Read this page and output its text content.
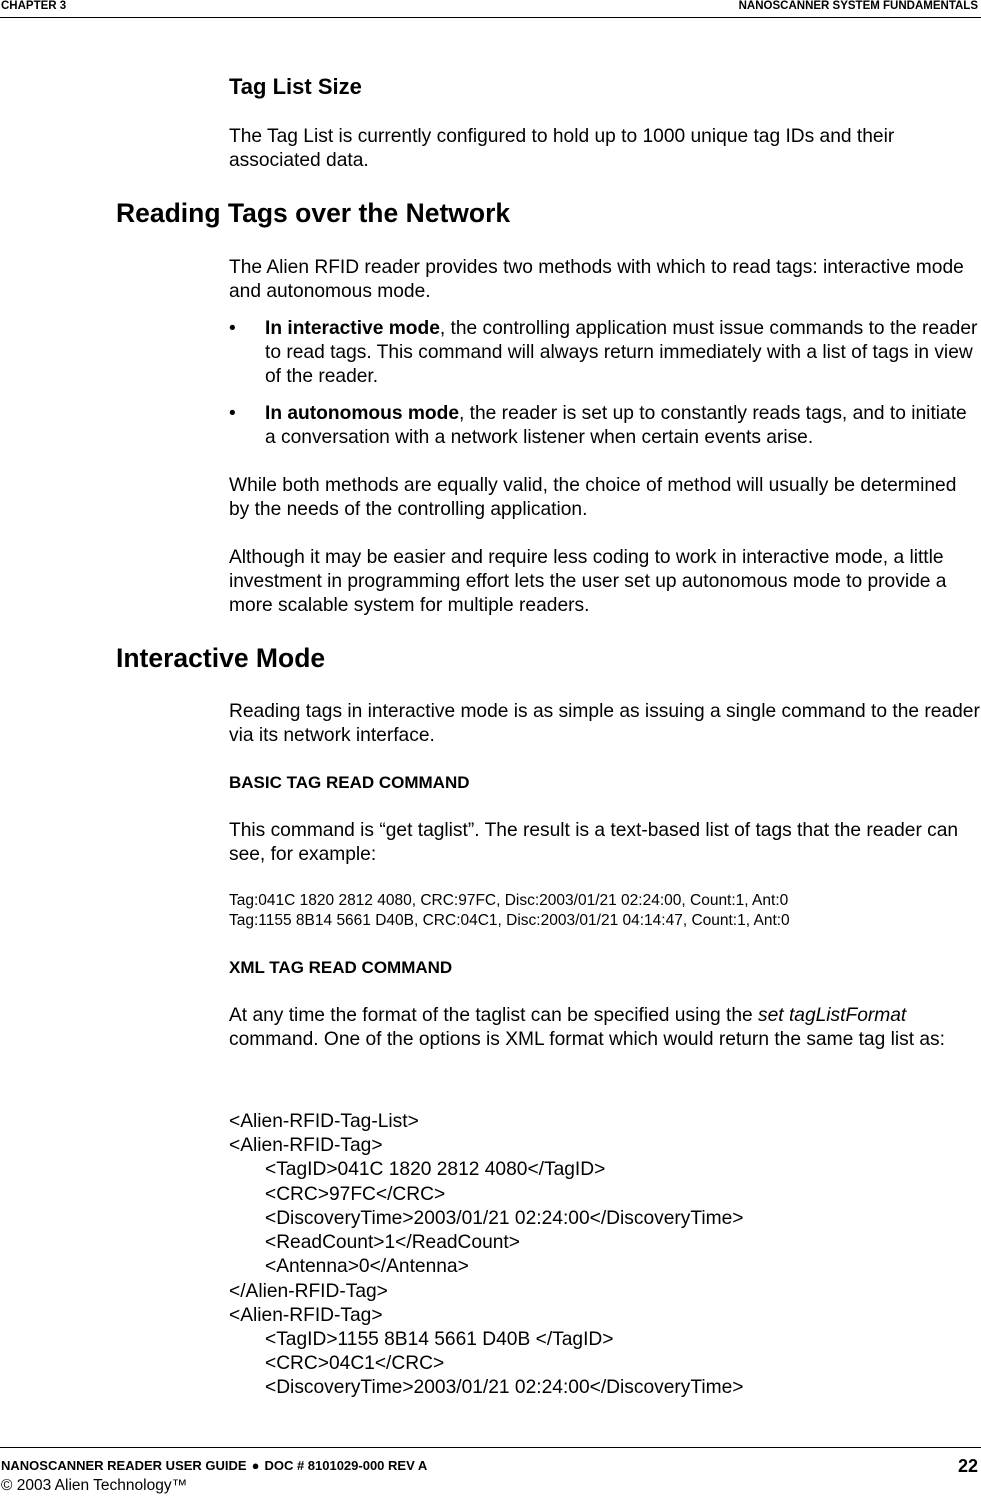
CHAPTER 3	NANOSCANNER SYSTEM FUNDAMENTALS
Tag List Size
The Tag List is currently configured to hold up to 1000 unique tag IDs and their associated data.
Reading Tags over the Network
The Alien RFID reader provides two methods with which to read tags: interactive mode and autonomous mode.
•	In interactive mode, the controlling application must issue commands to the reader to read tags. This command will always return immediately with a list of tags in view of the reader.
•	In autonomous mode, the reader is set up to constantly reads tags, and to initiate a conversation with a network listener when certain events arise.
While both methods are equally valid, the choice of method will usually be determined by the needs of the controlling application.
Although it may be easier and require less coding to work in interactive mode, a little investment in programming effort lets the user set up autonomous mode to provide a more scalable system for multiple readers.
Interactive Mode
Reading tags in interactive mode is as simple as issuing a single command to the reader via its network interface.
BASIC TAG READ COMMAND
This command is “get taglist”. The result is a text-based list of tags that the reader can see, for example:
Tag:041C 1820 2812 4080, CRC:97FC, Disc:2003/01/21 02:24:00, Count:1, Ant:0
Tag:1155 8B14 5661 D40B, CRC:04C1, Disc:2003/01/21 04:14:47, Count:1, Ant:0
XML TAG READ COMMAND
At any time the format of the taglist can be specified using the set tagListFormat command. One of the options is XML format which would return the same tag list as:
<Alien-RFID-Tag-List>
<Alien-RFID-Tag>
<TagID>041C 1820 2812 4080</TagID>
<CRC>97FC</CRC>
<DiscoveryTime>2003/01/21 02:24:00</DiscoveryTime>
<ReadCount>1</ReadCount>
<Antenna>0</Antenna>
</Alien-RFID-Tag>
<Alien-RFID-Tag>
<TagID>1155 8B14 5661 D40B </TagID>
<CRC>04C1</CRC>
<DiscoveryTime>2003/01/21 02:24:00</DiscoveryTime>
NANOSCANNER READER USER GUIDE ● DOC # 8101029-000 REV A	22
© 2003 Alien Technology™
